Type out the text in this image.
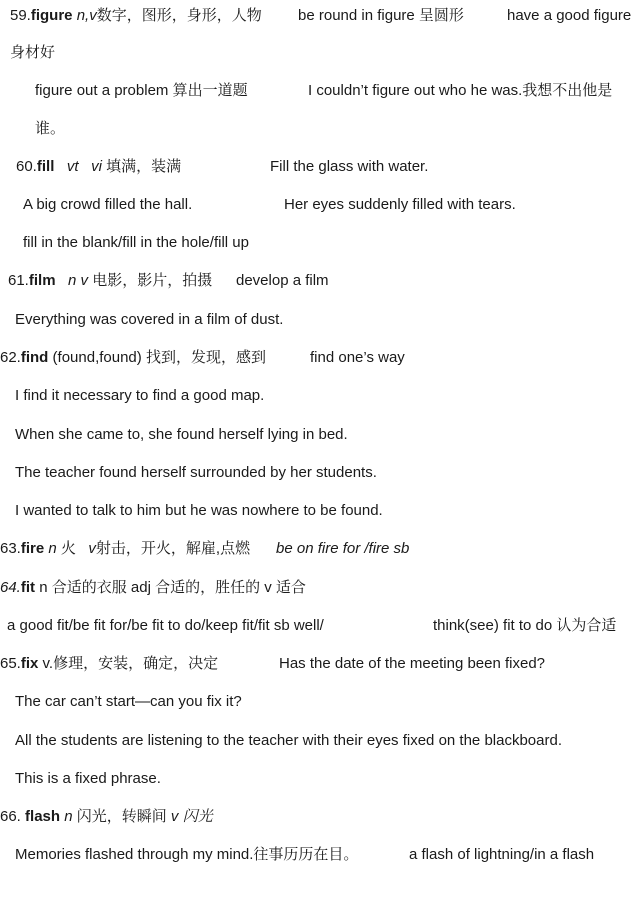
59.figure n,v数字，图形，身形，人物 be round in figure 呈圆形	have a good figure
身材好
figure out a problem 算出一道题	I couldn’t figure out who he was.我想不出他是
谁。
60.fill vt vi 填满，装满	Fill the glass with water.
A big crowd filled the hall.	Her eyes suddenly filled with tears.
fill in the blank/fill in the hole/fill up
61.film n v 电影，影片，拍摄 develop a film
Everything was covered in a film of dust.
62.find (found,found) 找到，发现，感到	find one’s way
I find it necessary to find a good map.
When she came to, she found herself lying in bed.
The teacher found herself surrounded by her students.
I wanted to talk to him but he was nowhere to be found.
63.fire n 火 v射击，开火，解雇,点燃 be on fire for /fire sb
64.fit n 合适的衣服 adj 合适的，胜任的 v 适合
a good fit/be fit for/be fit to do/keep fit/fit sb well/	think(see) fit to do 认为合适
65.fix v.修理，安装，确定，决定	Has the date of the meeting been fixed?
The car can’t start—can you fix it?
All the students are listening to the teacher with their eyes fixed on the blackboard.
This is a fixed phrase.
66. flash n 闪光，转瞬间 v 闪光
Memories flashed through my mind.往事历历在目。	a flash of lightning/in a flash
